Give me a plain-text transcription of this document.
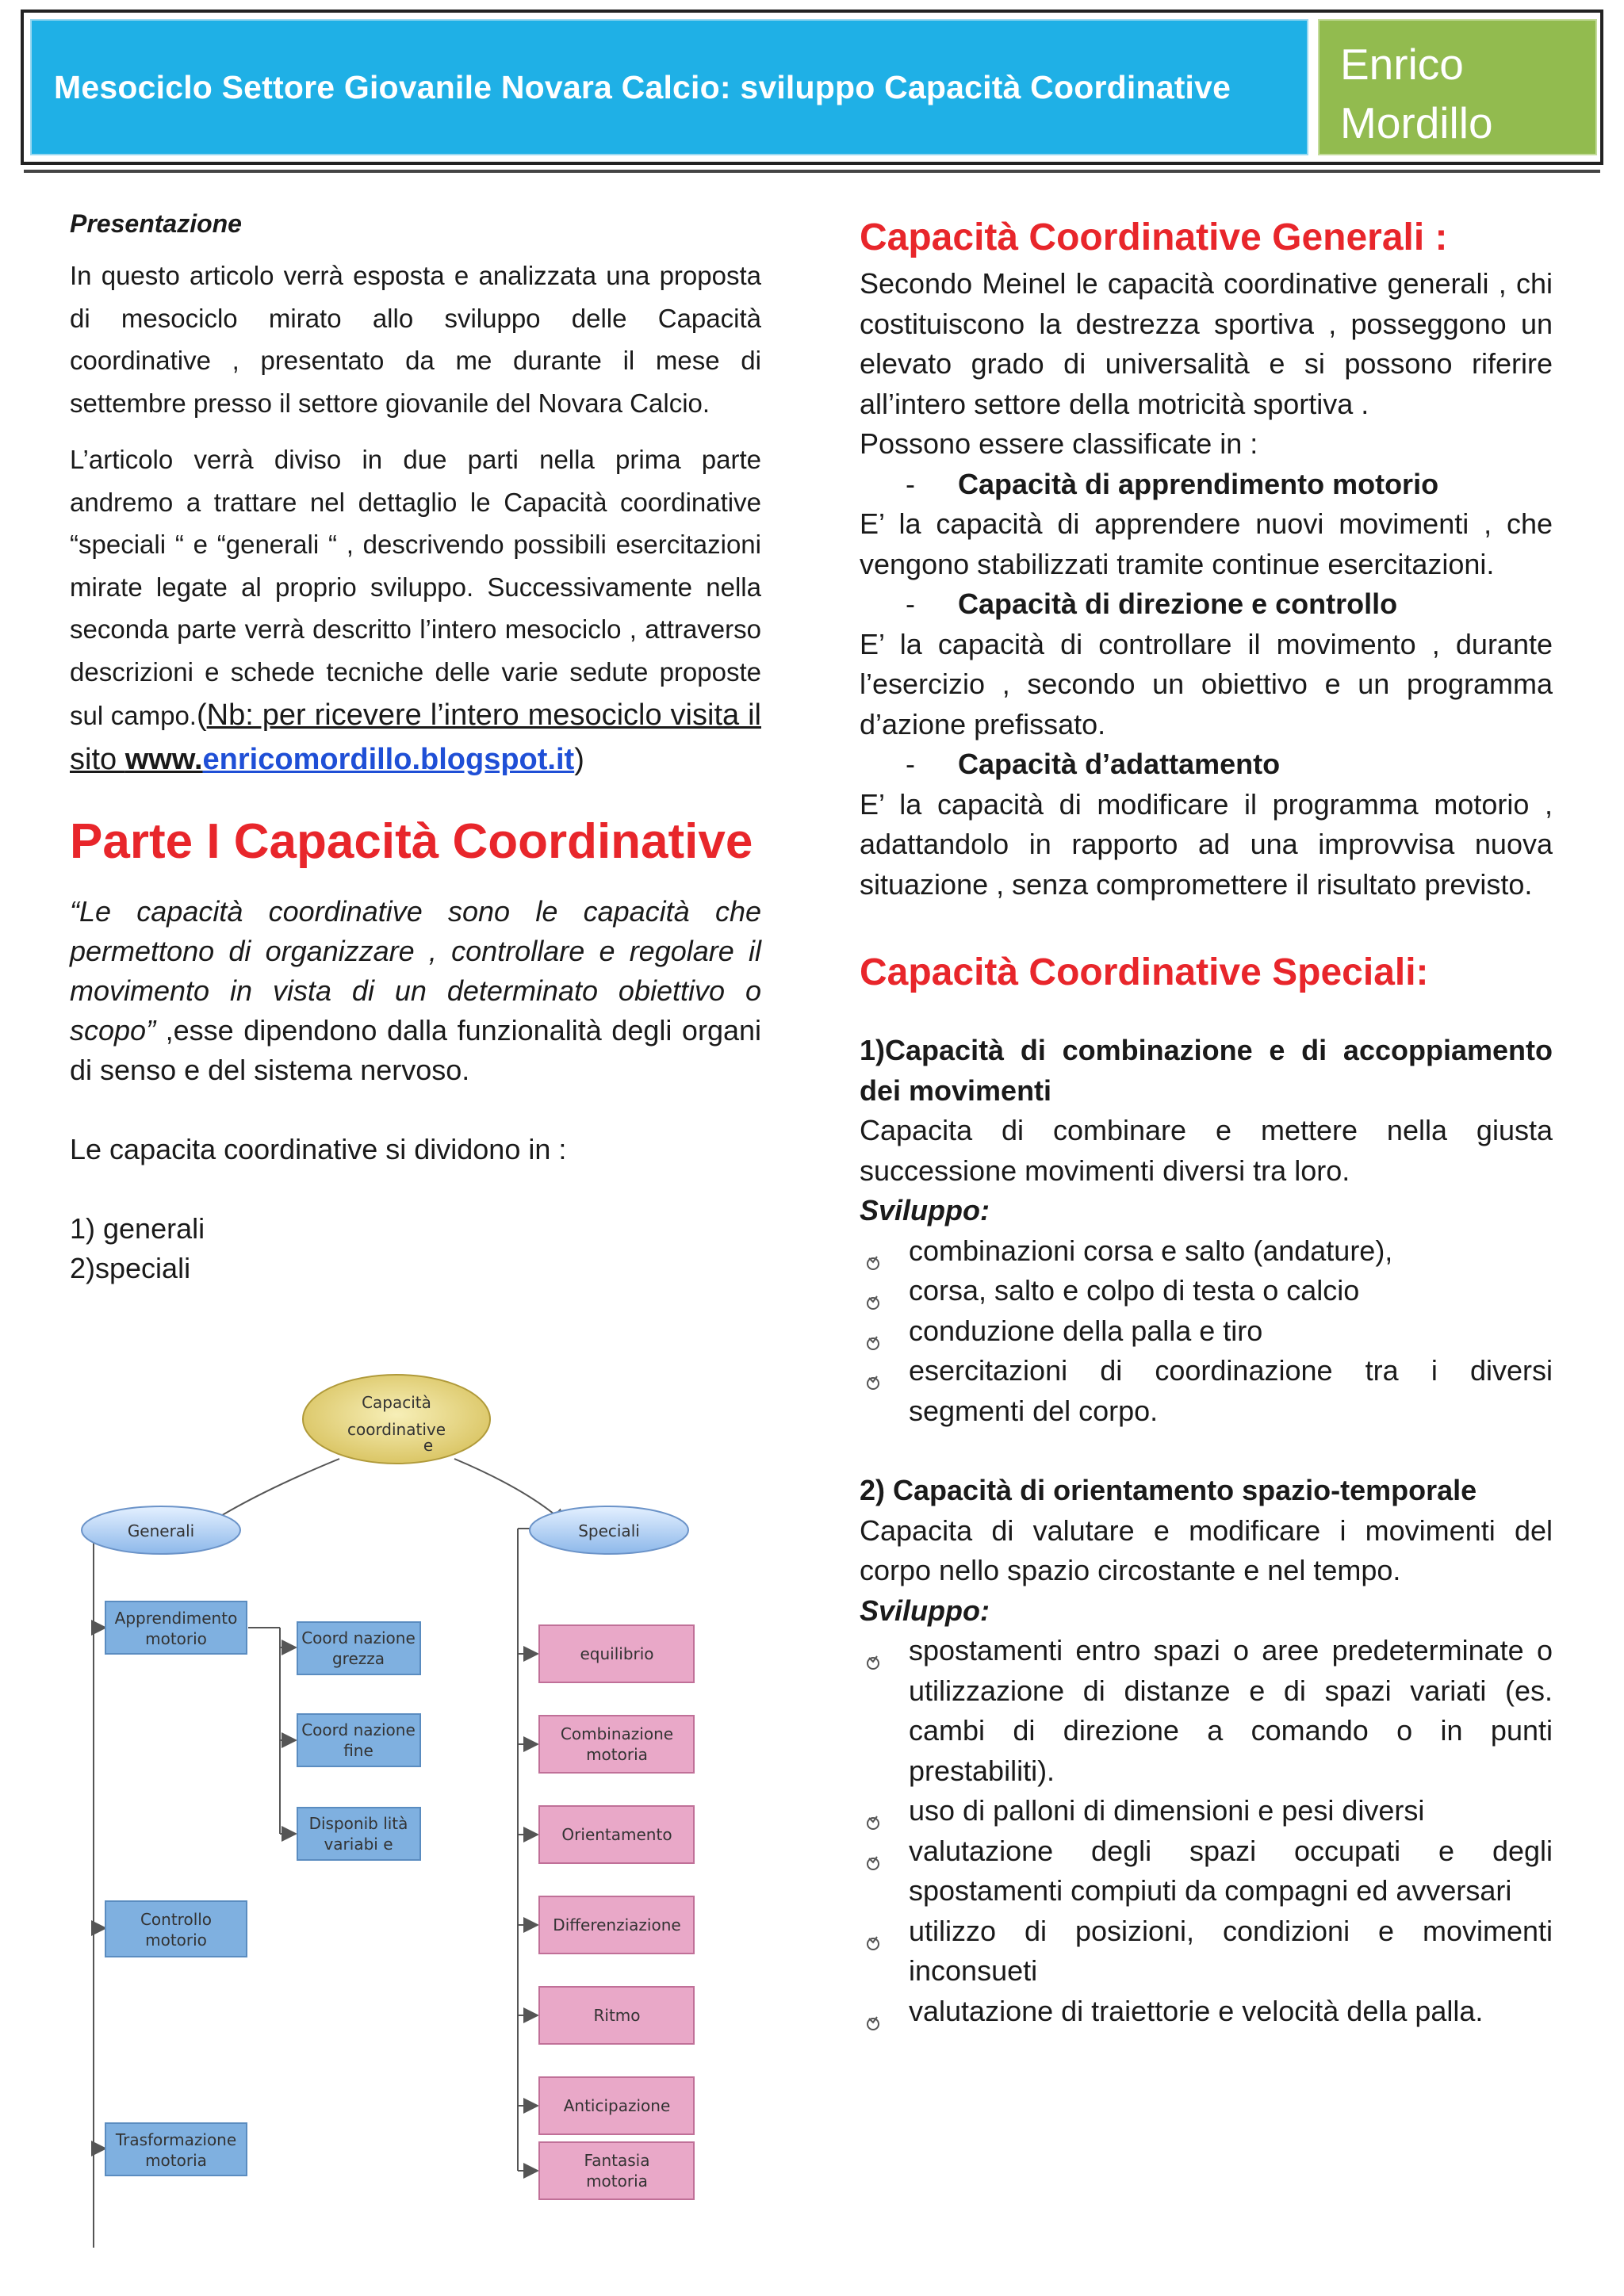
Mesociclo Settore Giovanile Novara Calcio: sviluppo Capacità Coordinative	Enrico
Mordillo
Presentazione

In questo articolo verrà esposta e analizzata una proposta di mesociclo mirato allo sviluppo delle Capacità coordinative , presentato da me durante il mese di settembre presso il settore giovanile del Novara Calcio.

L’articolo verrà diviso in due parti nella prima parte andremo a trattare nel dettaglio le Capacità coordinative “speciali “ e “generali “ , descrivendo possibili esercitazioni mirate legate al proprio sviluppo. Successivamente nella seconda parte verrà descritto l’intero mesociclo , attraverso descrizioni e schede tecniche delle varie sedute proposte sul campo.(Nb: per ricevere l’intero mesociclo visita il sito www.enricomordillo.blogspot.it)

Parte I Capacità Coordinative

“Le capacità coordinative sono le capacità che permettono di organizzare , controllare e regolare il movimento in vista di un determinato obiettivo o scopo” ,esse dipendono dalla funzionalità degli organi di senso e del sistema nervoso.

Le capacita coordinative si dividono in :

1) generali

2)speciali

Capacità
coordinative
e
Generali	Speciali
Apprendimento
motorio
Controllo
motorio
Trasformazione
motoria
Coord nazione
grezza
Coord nazione
fine
Disponib lità
variabi e
equilibrio
Combinazione
motoria
Orientamento
Differenziazione
Ritmo
Anticipazione
Fantasia
motoria
Capacità Coordinative Generali :

Secondo Meinel le capacità coordinative generali , chi costituiscono la destrezza sportiva , posseggono un elevato grado di universalità e si possono riferire all’intero settore della motricità sportiva .

Possono essere classificate in :

-	Capacità di apprendimento motorio

E’ la capacità di apprendere nuovi movimenti , che vengono stabilizzati tramite continue esercitazioni.

-	Capacità di direzione e controllo

E’ la capacità di controllare il movimento , durante l’esercizio , secondo un obiettivo e un programma d’azione prefissato.

-	Capacità d’adattamento

E’ la capacità di modificare il programma motorio , adattandolo in rapporto ad una improvvisa nuova situazione , senza compromettere il risultato previsto.

Capacità Coordinative Speciali:

1)Capacità di combinazione e di accoppiamento dei movimenti

Capacita di combinare e mettere nella giusta successione movimenti diversi tra loro.

Sviluppo:

combinazioni corsa e salto (andature),
corsa, salto e colpo di testa o calcio
conduzione della palla e tiro
esercitazioni di coordinazione tra i diversi segmenti del corpo.

2) Capacità di orientamento spazio-temporale

Capacita di valutare e modificare i movimenti del corpo nello spazio circostante e nel tempo.

Sviluppo:

spostamenti entro spazi o aree predeterminate o utilizzazione di distanze e di spazi variati (es. cambi di direzione a comando o in punti prestabiliti).
uso di palloni di dimensioni e pesi diversi
valutazione degli spazi occupati e degli spostamenti compiuti da compagni ed avversari
utilizzo di posizioni, condizioni e movimenti inconsueti
valutazione di traiettorie e velocità della palla.
